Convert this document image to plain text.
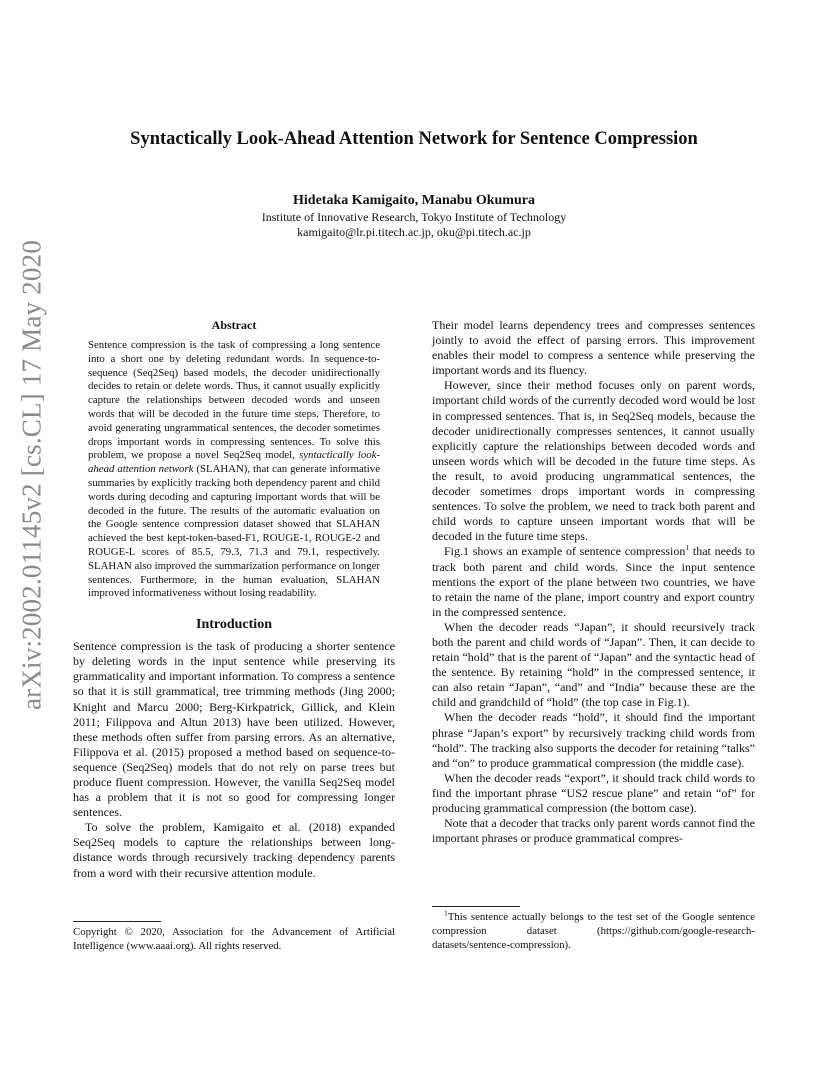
arXiv:2002.01145v2 [cs.CL] 17 May 2020
Syntactically Look-Ahead Attention Network for Sentence Compression

Hidetaka Kamigaito, Manabu Okumura

Institute of Innovative Research, Tokyo Institute of Technology

kamigaito@lr.pi.titech.ac.jp, oku@pi.titech.ac.jp

Abstract

Sentence compression is the task of compressing a long sentence into a short one by deleting redundant words. In sequence-to-sequence (Seq2Seq) based models, the decoder unidirectionally decides to retain or delete words. Thus, it cannot usually explicitly capture the relationships between decoded words and unseen words that will be decoded in the future time steps. Therefore, to avoid generating ungrammatical sentences, the decoder sometimes drops important words in compressing sentences. To solve this problem, we propose a novel Seq2Seq model, syntactically look-ahead attention network (SLAHAN), that can generate informative summaries by explicitly tracking both dependency parent and child words during decoding and capturing important words that will be decoded in the future. The results of the automatic evaluation on the Google sentence compression dataset showed that SLAHAN achieved the best kept-token-based-F1, ROUGE-1, ROUGE-2 and ROUGE-L scores of 85.5, 79.3, 71.3 and 79.1, respectively. SLAHAN also improved the summarization performance on longer sentences. Furthermore, in the human evaluation, SLAHAN improved informativeness without losing readability.

Introduction

Sentence compression is the task of producing a shorter sentence by deleting words in the input sentence while preserving its grammaticality and important information. To compress a sentence so that it is still grammatical, tree trimming methods (Jing 2000; Knight and Marcu 2000; Berg-Kirkpatrick, Gillick, and Klein 2011; Filippova and Altun 2013) have been utilized. However, these methods often suffer from parsing errors. As an alternative, Filippova et al. (2015) proposed a method based on sequence-to-sequence (Seq2Seq) models that do not rely on parse trees but produce fluent compression. However, the vanilla Seq2Seq model has a problem that it is not so good for compressing longer sentences.

To solve the problem, Kamigaito et al. (2018) expanded Seq2Seq models to capture the relationships between long-distance words through recursively tracking dependency parents from a word with their recursive attention module.

Copyright © 2020, Association for the Advancement of Artificial Intelligence (www.aaai.org). All rights reserved.

Their model learns dependency trees and compresses sentences jointly to avoid the effect of parsing errors. This improvement enables their model to compress a sentence while preserving the important words and its fluency.

However, since their method focuses only on parent words, important child words of the currently decoded word would be lost in compressed sentences. That is, in Seq2Seq models, because the decoder unidirectionally compresses sentences, it cannot usually explicitly capture the relationships between decoded words and unseen words which will be decoded in the future time steps. As the result, to avoid producing ungrammatical sentences, the decoder sometimes drops important words in compressing sentences. To solve the problem, we need to track both parent and child words to capture unseen important words that will be decoded in the future time steps.

Fig.1 shows an example of sentence compression$^1$ that needs to track both parent and child words. Since the input sentence mentions the export of the plane between two countries, we have to retain the name of the plane, import country and export country in the compressed sentence.

When the decoder reads “Japan”, it should recursively track both the parent and child words of “Japan”. Then, it can decide to retain “hold” that is the parent of “Japan” and the syntactic head of the sentence. By retaining “hold” in the compressed sentence, it can also retain “Japan”, “and” and “India” because these are the child and grandchild of “hold” (the top case in Fig.1).

When the decoder reads “hold”, it should find the important phrase “Japan’s export” by recursively tracking child words from “hold”. The tracking also supports the decoder for retaining “talks” and “on” to produce grammatical compression (the middle case).

When the decoder reads “export”, it should track child words to find the important phrase “US2 rescue plane” and retain “of” for producing grammatical compression (the bottom case).

Note that a decoder that tracks only parent words cannot find the important phrases or produce grammatical compres-

$^1$This sentence actually belongs to the test set of the Google sentence compression dataset (https://github.com/google-research-datasets/sentence-compression).
